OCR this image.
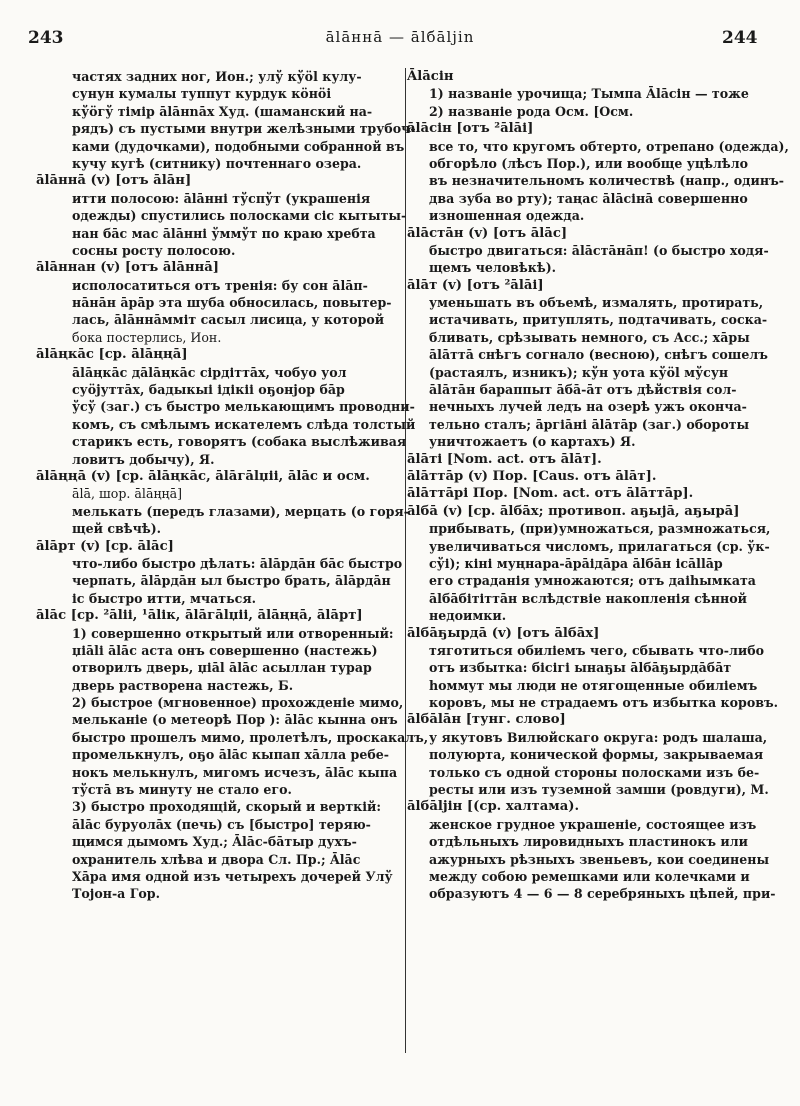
243	ālāннā — ālбāljin	244
частях задних ног, Ион.; улў кўöl кулу-
сунун кумалы туппут курдук кöнöi
кўöгў тімір ālāнnāх Худ. (шаманский на-
рядъ) съ пустыми внутри желѣзными трубоч-
ками (дудочками), подобными собранной въ
кучу кугѣ (ситнику) почтеннаго озера.
ālāннā (v) [отъ ālāн]
итти полосою: ālāнні тўспўт (украшенія
одежды) спустились полосками сіс кытыты-
нан бāс мас ālāнні ўммўт по краю хребта
сосны росту полосою.
ālāннан (v) [отъ ālāннā]
исполосатиться отъ тренія: бу сон ālāп-
нāнāн āрāр эта шуба обносилась, повытер-
лась, ālāннāмміт сасыл лисица, у которой
бока постерлись, Ион.
ālāңкāс [ср. ālāңңā]
ālāңкāс дālāңкāс сірдіттāх, чобуо уол
суöjуттāх, бадыкыі ідікіі оҕонjор бāр
ўсў (заг.) съ быстро мелькающимъ проводни-
комъ, съ смѣлымъ искателемъ слѣда толстый
старикъ есть, говорятъ (собака выслѣживая
ловитъ добычу), Я.
ālāңңā (v) [ср. ālāңкāс, ālāгālџіі, ālāс и осм.
ālā, шор. ālāңңā]
мелькать (передъ глазами), мерцать (о горя-
щей свѣчѣ).
ālāрт (v) [ср. ālāс]
что-либо быстро дѣлать: ālāрдāн бāс быстро
черпать, ālāрдāн ыл быстро брать, ālāрдāн
іс быстро итти, мчаться.
ālāс [ср. ²ālіі, ¹ālік, ālāгālџіі, ālāңңā, ālāрт]
1) совершенно открытый или отворенный:
џіālі ālāс аста онъ совершенно (настежь)
отворилъ дверь, џіāl ālāс асыллан турар
дверь растворена настежь, Б.
2) быстрое (мгновенное) прохожденіе мимо,
мельканіе (о метеорѣ Пор ): ālāс кынна онъ
быстро прошелъ мимо, пролетѣлъ, проскакалъ,
промелькнулъ, оҕо ālāс кыпап хāлла ребе-
нокъ мелькнулъ, мигомъ исчезъ, ālāс кыпа
тўстā въ минуту не стало его.
3) быстро проходящій, скорый и верткій:
ālāс буруолāх (печь) съ [быстро] теряю-
щимся дымомъ Худ.; Ālāс-бāтыр духъ-
охранитель хлѣва и двора Сл. Пр.; Ālāс
Хāра имя одной изъ четырехъ дочерей Улў
Тојон-а Гор.
Ālāсін
1) названіе урочища; Тымпа Ālāсін — тоже
2) названіе рода Осм. [Осм.
ālāсін [отъ ²ālāі]
все то, что кругомъ обтерто, отрепано (одежда),
обгорѣло (лѣсъ Пор.), или вообще уцѣлѣло
въ незначительномъ количествѣ (напр., одинъ-
два зуба во рту); таңас ālāсінā совершенно
изношенная одежда.
ālāстāн (v) [отъ ālāс]
быстро двигаться: ālāстāнāп! (о быстро ходя-
щемъ человѣкѣ).
ālāт (v) [отъ ²ālāі]
уменьшать въ объемѣ, измалять, протирать,
истачивать, притуплять, подтачивать, соска-
бливать, срѣзывать немного, съ Асс.; хāры
ālāттā снѣгъ согнало (весною), снѣгъ сошелъ
(растаялъ, изникъ); кўн уота кўöl мўсун
ālāтāн бараппыт āбā-āт отъ дѣйствія сол-
нечныхъ лучей ледъ на озерѣ ужъ оконча-
тельно сталъ; āргіāні ālāтāр (заг.) обороты
уничтожаетъ (о картахъ) Я.
ālāті [Nom. act. отъ ālāт].
ālāттāр (v) Пор. [Caus. отъ ālāт].
ālāттāрі Пор. [Nom. act. отъ ālāттāр].
ālбā (v) [ср. ālбāх; противоп. аҕыјā, аҕырā]
прибывать, (при)умножаться, размножаться,
увеличиваться числомъ, прилагаться (ср. ўк-
сўі); кіні муңнара-āрāідāра ālбāн ісāllāр
его страданія умножаются; отъ даіhымката
ālбāбітіттāн вслѣдствіе накопленія сѣнной
недоимки.
ālбāҕырдā (v) [отъ ālбāх]
тяготиться обиліемъ чего, сбывать что-либо
отъ избытка: бісігі ынаҕы ālбāҕырдāбāт
һоммут мы люди не отягощенные обиліемъ
коровъ, мы не страдаемъ отъ избытка коровъ.
ālбālāн [тунг. слово]
у якутовъ Вилюйскаго округа: родъ шалаша,
полуюрта, конической формы, закрываемая
только съ одной стороны полосками изъ бе-
ресты или изъ туземной замши (ровдуги), М.
ālбāljін [(ср. халтама).
женское грудное украшеніе, состоящее изъ
отдѣльныхъ лировидныхъ пластинокъ или
ажурныхъ рѣзныхъ звеньевъ, кои соединены
между собою ремешками или колечками и
образуютъ 4 — 6 — 8 серебряныхъ цѣпей, при-
